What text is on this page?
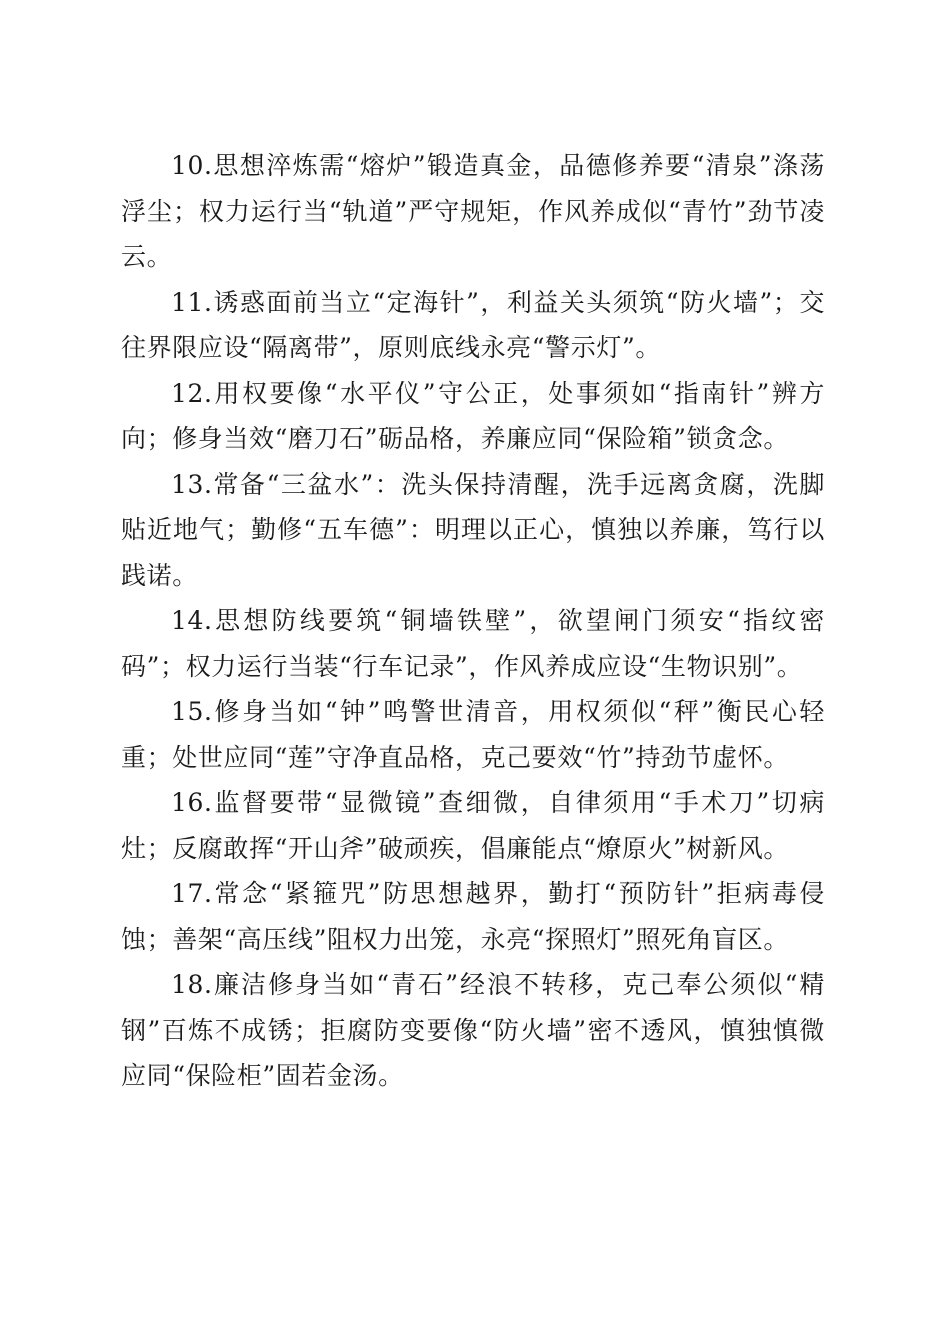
10.思想淬炼需“熔炉”锻造真金，品德修养要“清泉”涤荡浮尘；权力运行当“轨道”严守规矩，作风养成似“青竹”劲节凌云。

11.诱惑面前当立“定海针”，利益关头须筑“防火墙”；交往界限应设“隔离带”，原则底线永亮“警示灯”。

12.用权要像“水平仪”守公正，处事须如“指南针”辨方向；修身当效“磨刀石”砺品格，养廉应同“保险箱”锁贪念。

13.常备“三盆水”：洗头保持清醒，洗手远离贪腐，洗脚贴近地气；勤修“五车德”：明理以正心，慎独以养廉，笃行以践诺。

14.思想防线要筑“铜墙铁壁”，欲望闸门须安“指纹密码”；权力运行当装“行车记录”，作风养成应设“生物识别”。

15.修身当如“钟”鸣警世清音，用权须似“秤”衡民心轻重；处世应同“莲”守净直品格，克己要效“竹”持劲节虚怀。

16.监督要带“显微镜”查细微，自律须用“手术刀”切病灶；反腐敢挥“开山斧”破顽疾，倡廉能点“燎原火”树新风。

17.常念“紧箍咒”防思想越界，勤打“预防针”拒病毒侵蚀；善架“高压线”阻权力出笼，永亮“探照灯”照死角盲区。

18.廉洁修身当如“青石”经浪不转移，克己奉公须似“精钢”百炼不成锈；拒腐防变要像“防火墙”密不透风，慎独慎微应同“保险柜”固若金汤。
